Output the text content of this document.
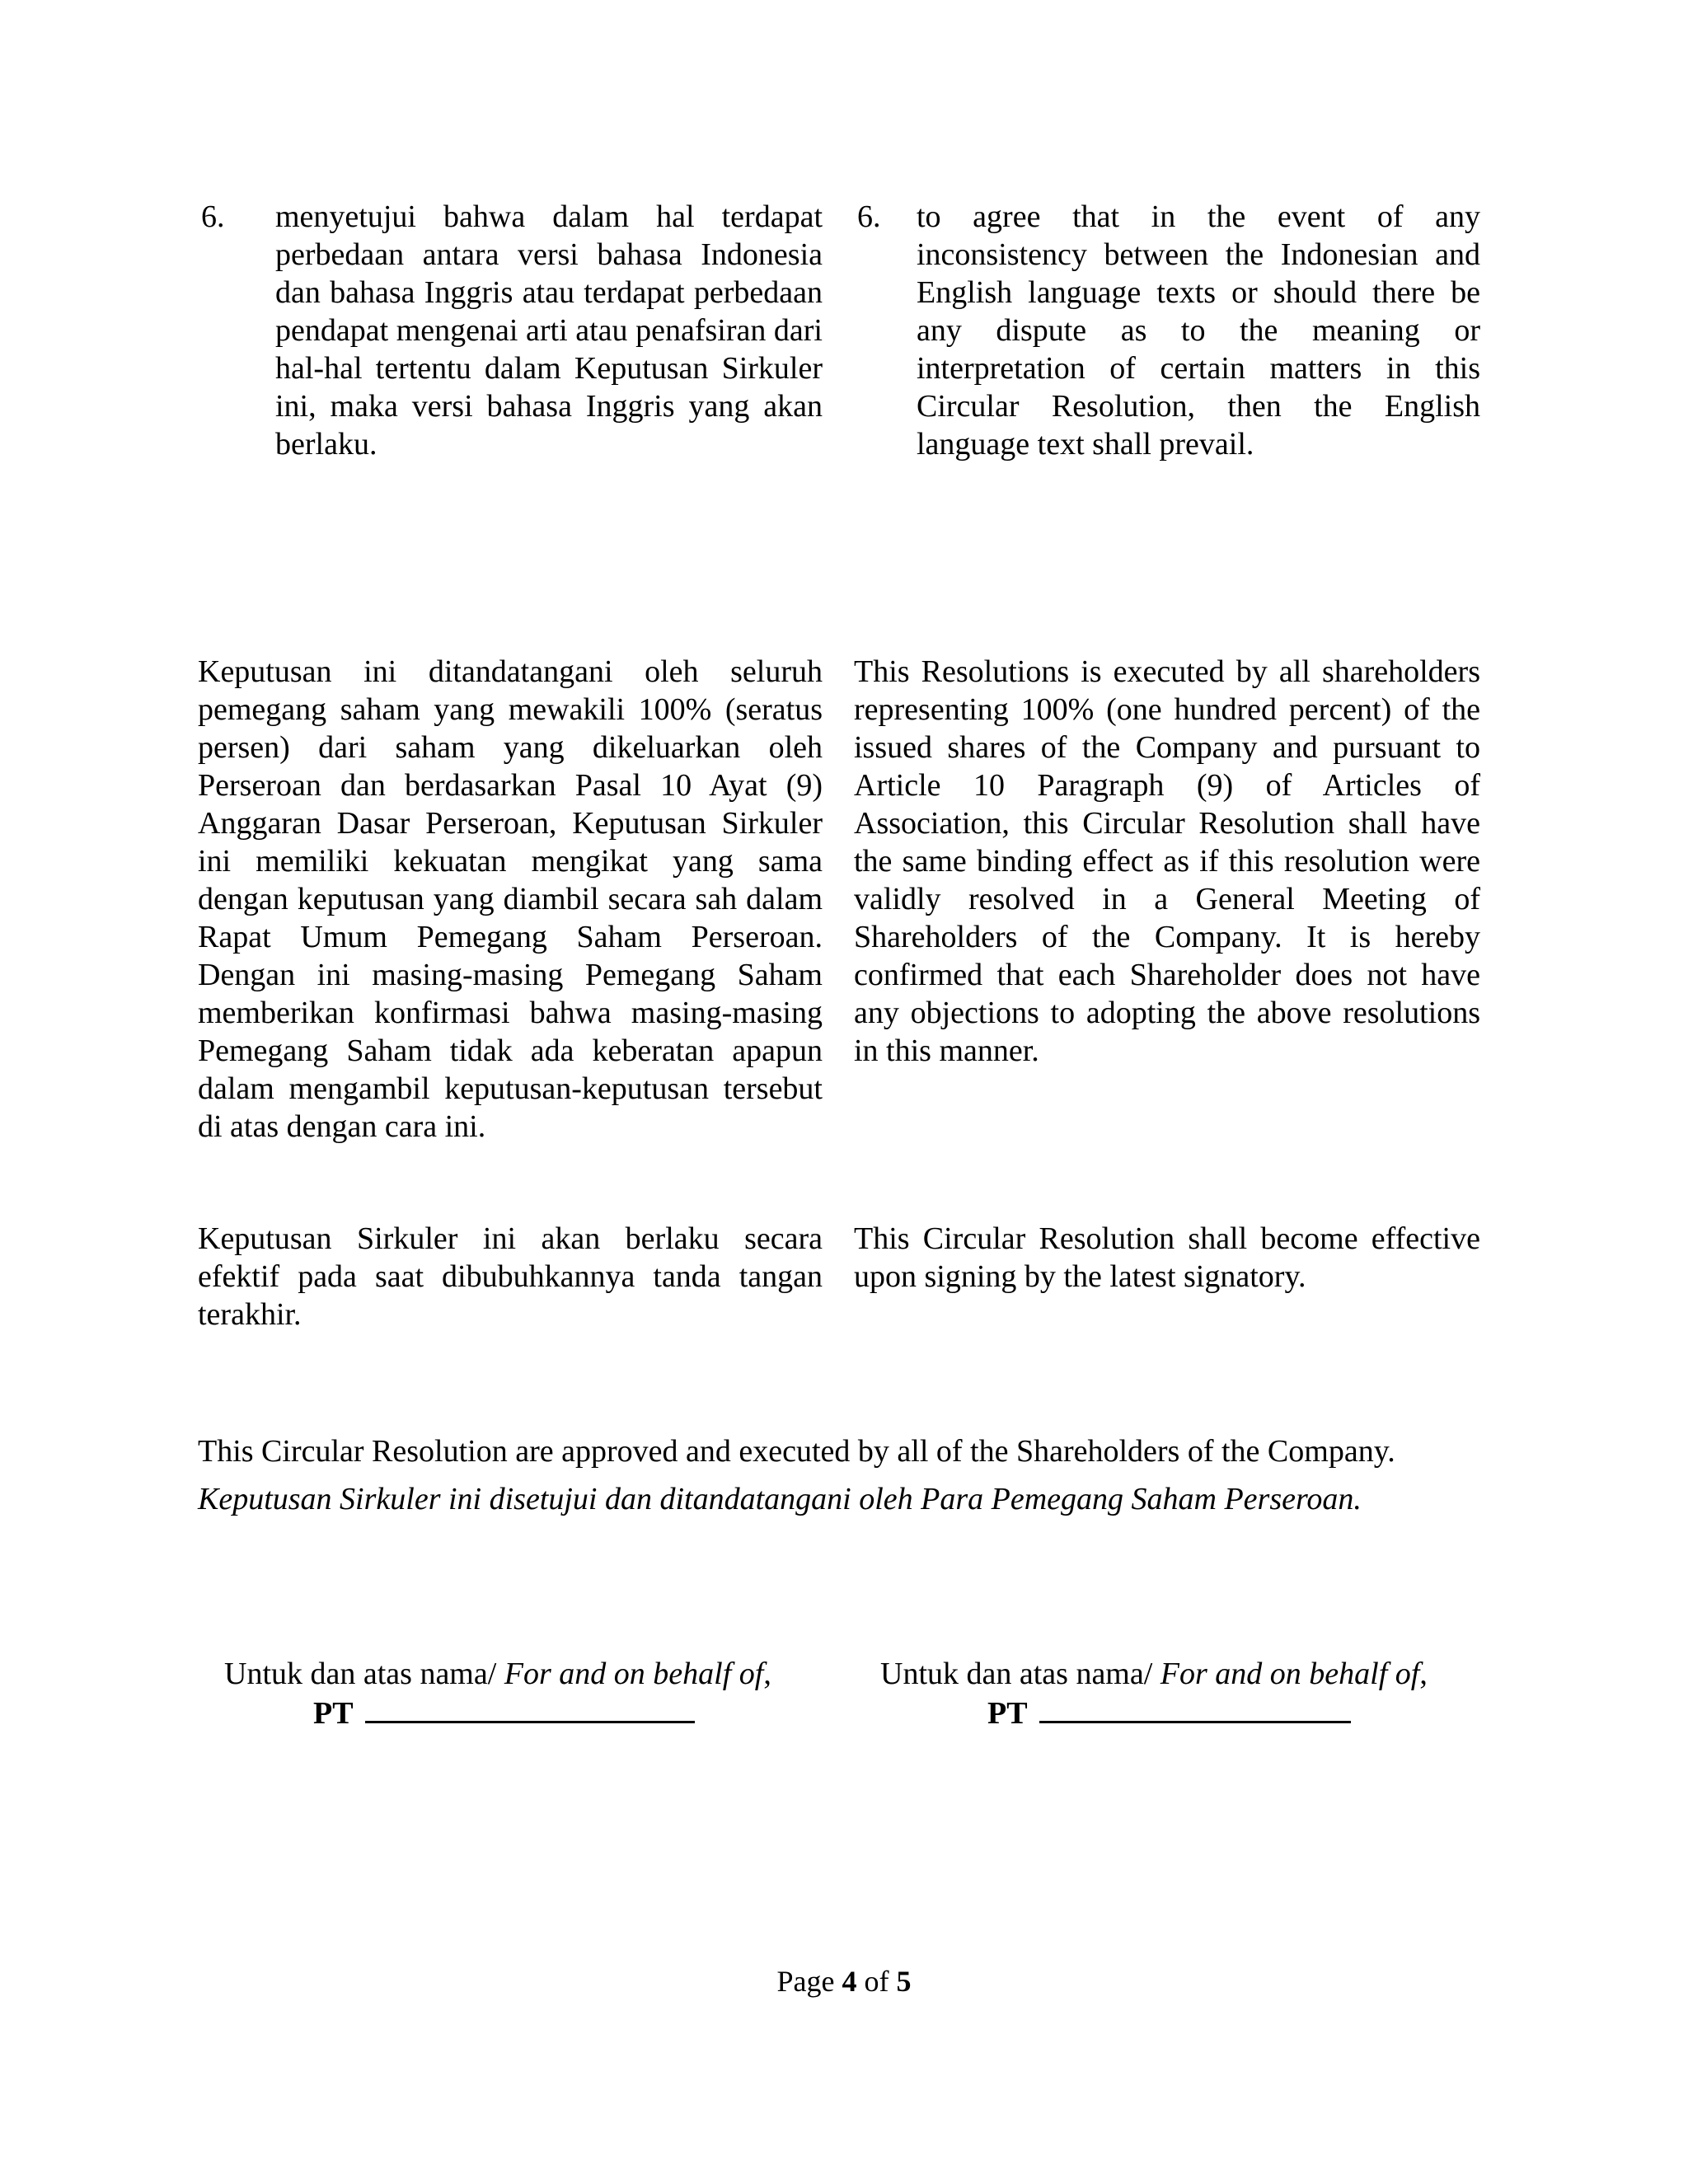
6. menyetujui bahwa dalam hal terdapat perbedaan antara versi bahasa Indonesia dan bahasa Inggris atau terdapat perbedaan pendapat mengenai arti atau penafsiran dari hal-hal tertentu dalam Keputusan Sirkuler ini, maka versi bahasa Inggris yang akan berlaku.

6. to agree that in the event of any inconsistency between the Indonesian and English language texts or should there be any dispute as to the meaning or interpretation of certain matters in this Circular Resolution, then the English language text shall prevail.

Keputusan ini ditandatangani oleh seluruh pemegang saham yang mewakili 100% (seratus persen) dari saham yang dikeluarkan oleh Perseroan dan berdasarkan Pasal 10 Ayat (9) Anggaran Dasar Perseroan, Keputusan Sirkuler ini memiliki kekuatan mengikat yang sama dengan keputusan yang diambil secara sah dalam Rapat Umum Pemegang Saham Perseroan. Dengan ini masing-masing Pemegang Saham memberikan konfirmasi bahwa masing-masing Pemegang Saham tidak ada keberatan apapun dalam mengambil keputusan-keputusan tersebut di atas dengan cara ini.

This Resolutions is executed by all shareholders representing 100% (one hundred percent) of the issued shares of the Company and pursuant to Article 10 Paragraph (9) of Articles of Association, this Circular Resolution shall have the same binding effect as if this resolution were validly resolved in a General Meeting of Shareholders of the Company. It is hereby confirmed that each Shareholder does not have any objections to adopting the above resolutions in this manner.

Keputusan Sirkuler ini akan berlaku secara efektif pada saat dibubuhkannya tanda tangan terakhir.

This Circular Resolution shall become effective upon signing by the latest signatory.

This Circular Resolution are approved and executed by all of the Shareholders of the Company.
Keputusan Sirkuler ini disetujui dan ditandatangani oleh Para Pemegang Saham Perseroan.
Untuk dan atas nama/ For and on behalf of,
PT
Untuk dan atas nama/ For and on behalf of,
PT
Page 4 of 5
